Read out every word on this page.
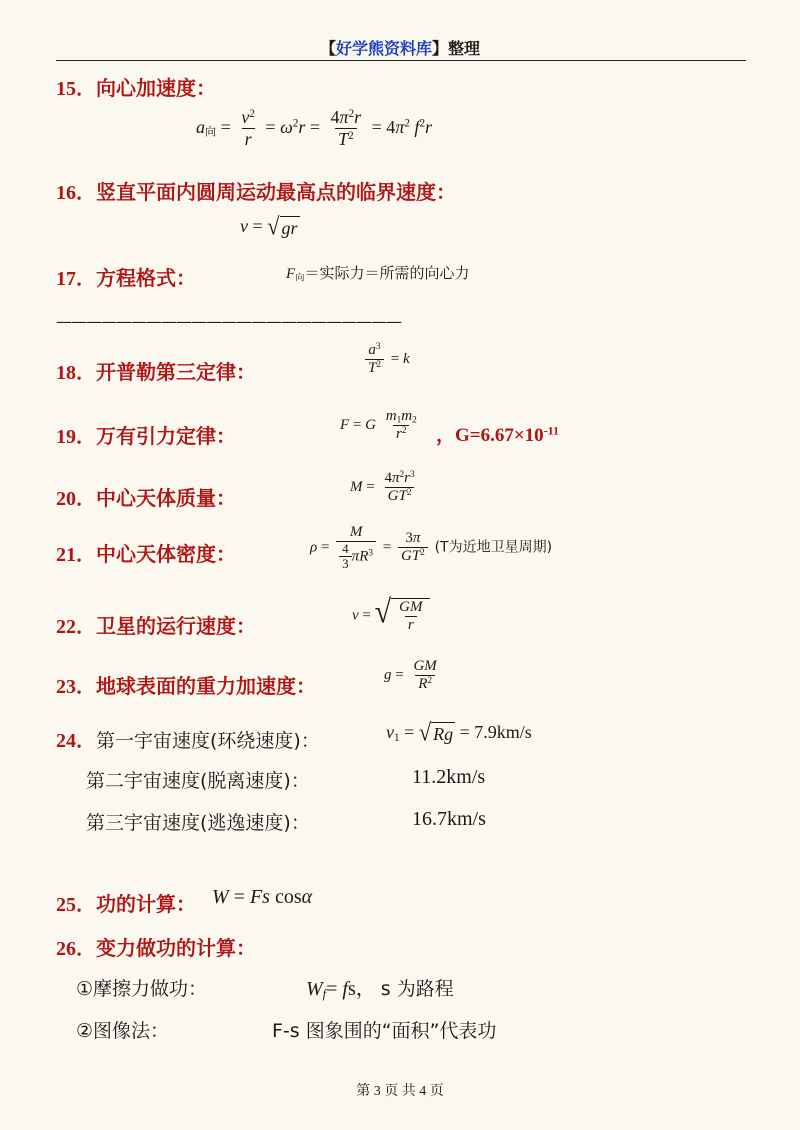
【好学熊资料库】整理
15．向心加速度：
$a_向 = \frac{v^2}{r} = \omega^2r = \frac{4\pi^2r}{T^2} = 4\pi^2$ $f^2r$
16．竖直平面内圆周运动最高点的临界速度：
v = √ gr
17．方程格式：	$F_向=$实际力＝所需的向心力
———————————————————————
18．开普勒第三定律：	$\frac{a^3}{T^2} = k$
19．万有引力定律：	F = G $\frac{m_1m_2}{r^2}$ ，$G=6.67\times 10^{-11}$
20．中心天体质量：	$M = \frac{4\pi^2r^3}{GT^2}$
21．中心天体密度：	$\rho = \frac{M}{\frac{4}{3} \pi R^3} = \frac{3\pi}{GT^2} (T$为近地卫星周期)
22．卫星的运行速度：	v = √ $\frac{GM}{r}$
23．地球表面的重力加速度：	$g = \frac{GM}{R^2}$
24．第一宇宙速度(环绕速度)：	$v_1$ = √ Rg = 7.9km/s
第二宇宙速度(脱离速度)：	11.2km/s
第三宇宙速度(逃逸速度)：	16.7km/s
25．功的计算： W = Fs cosα
26．变力做功的计算：
①摩擦力做功：	$W_f=$ fs， s 为路程
②图像法：	F-s 图象围的“面积”代表功
第 3 页 共 4 页
